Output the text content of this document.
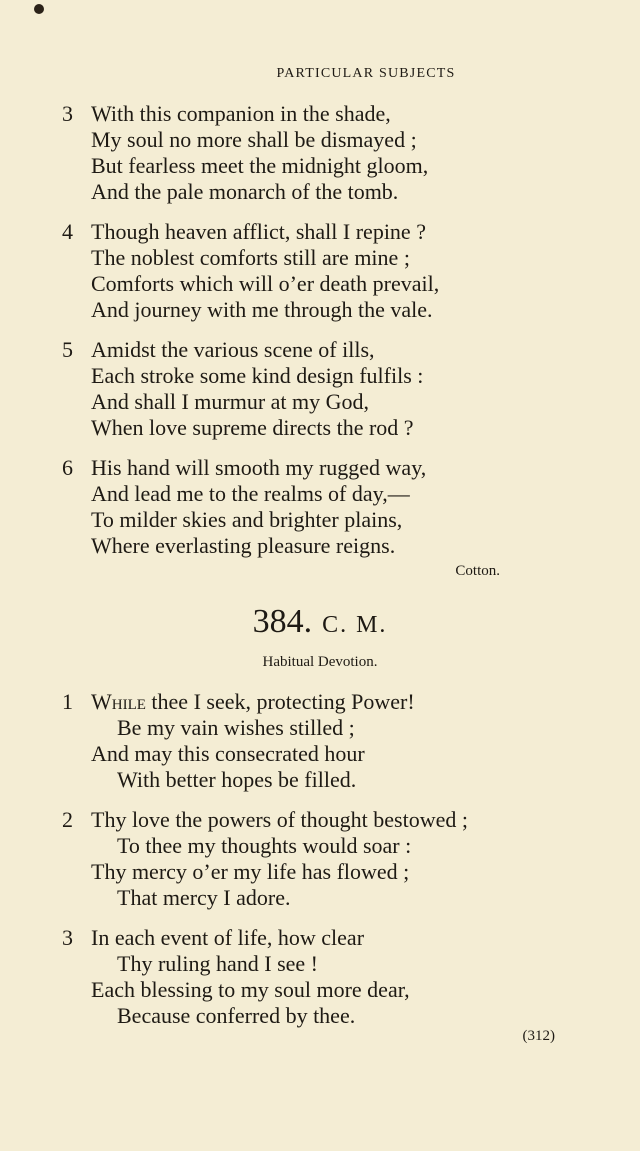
PARTICULAR SUBJECTS
3 With this companion in the shade,
My soul no more shall be dismayed ;
But fearless meet the midnight gloom,
And the pale monarch of the tomb.
4 Though heaven afflict, shall I repine ?
The noblest comforts still are mine ;
Comforts which will o’er death prevail,
And journey with me through the vale.
5 Amidst the various scene of ills,
Each stroke some kind design fulfils :
And shall I murmur at my God,
When love supreme directs the rod ?
6 His hand will smooth my rugged way,
And lead me to the realms of day,—
To milder skies and brighter plains,
Where everlasting pleasure reigns.
Cotton.
384. C. M.
Habitual Devotion.
1 While thee I seek, protecting Power!
Be my vain wishes stilled ;
And may this consecrated hour
With better hopes be filled.
2 Thy love the powers of thought bestowed ;
To thee my thoughts would soar :
Thy mercy o’er my life has flowed ;
That mercy I adore.
3 In each event of life, how clear
Thy ruling hand I see !
Each blessing to my soul more dear,
Because conferred by thee.
(312)
